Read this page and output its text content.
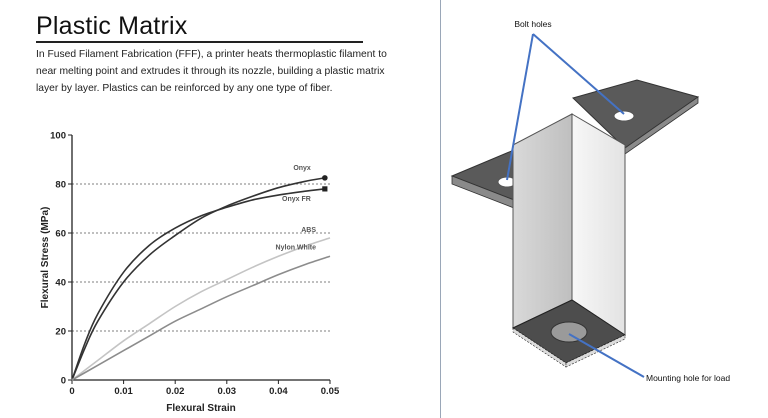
Plastic Matrix
In Fused Filament Fabrication (FFF), a printer heats thermoplastic filament to
near melting point and extrudes it through its nozzle, building a plastic matrix
layer by layer. Plastics can be reinforced by any one type of fiber.
0
20
40
60
80
100
0	0.01	0.02	0.03	0.04	0.05
Flexural Strain
Flexural Stress (MPa)
Onyx
Onyx FR
ABS
Nylon White
Bolt holes
Mounting hole for load
